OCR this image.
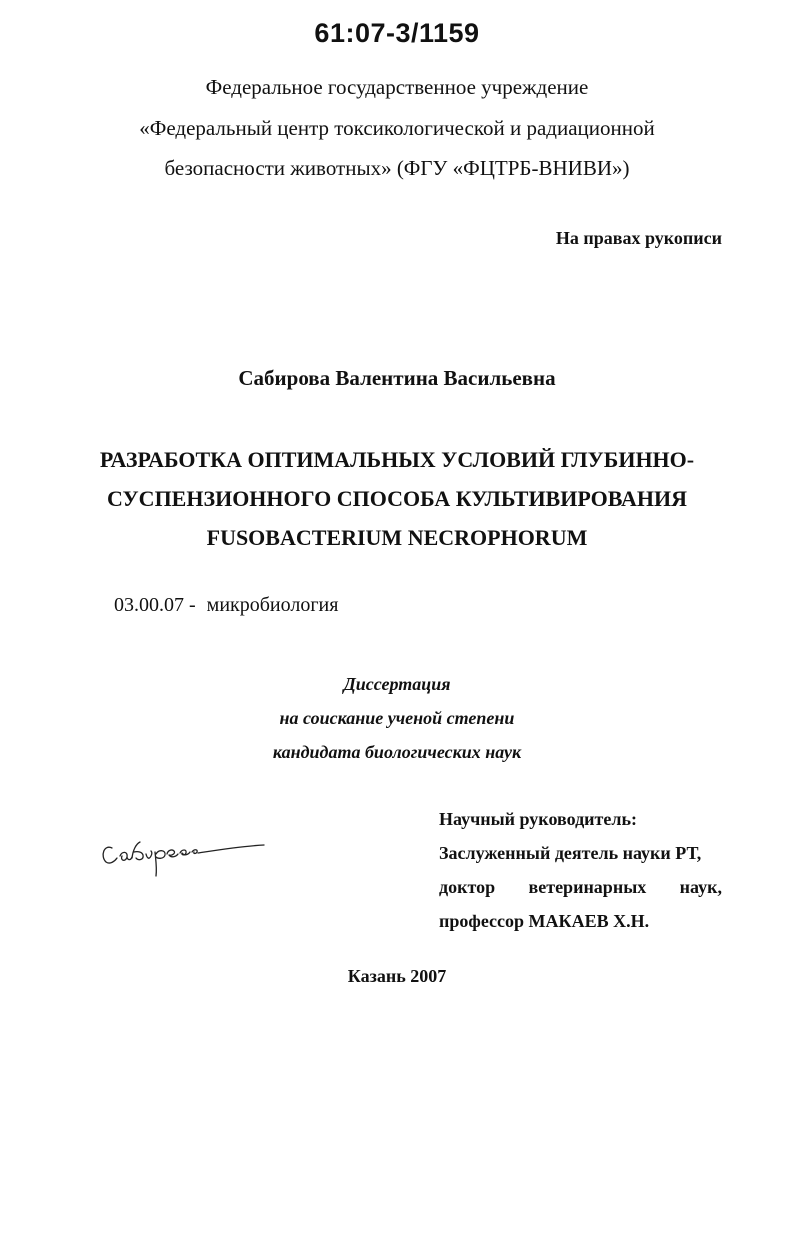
61:07-3/1159
Федеральное государственное учреждение
«Федеральный центр токсикологической и радиационной
безопасности животных» (ФГУ «ФЦТРБ-ВНИВИ»)
На правах рукописи
Сабирова Валентина Васильевна
РАЗРАБОТКА ОПТИМАЛЬНЫХ УСЛОВИЙ ГЛУБИННО-
СУСПЕНЗИОННОГО СПОСОБА КУЛЬТИВИРОВАНИЯ
FUSOBACTERIUM NECROPHORUM
03.00.07 - микробиология
Диссертация
на соискание ученой степени
кандидата биологических наук
Научный руководитель:
Заслуженный деятель науки РТ,
доктор ветеринарных наук,
профессор МАКАЕВ Х.Н.
Казань 2007
